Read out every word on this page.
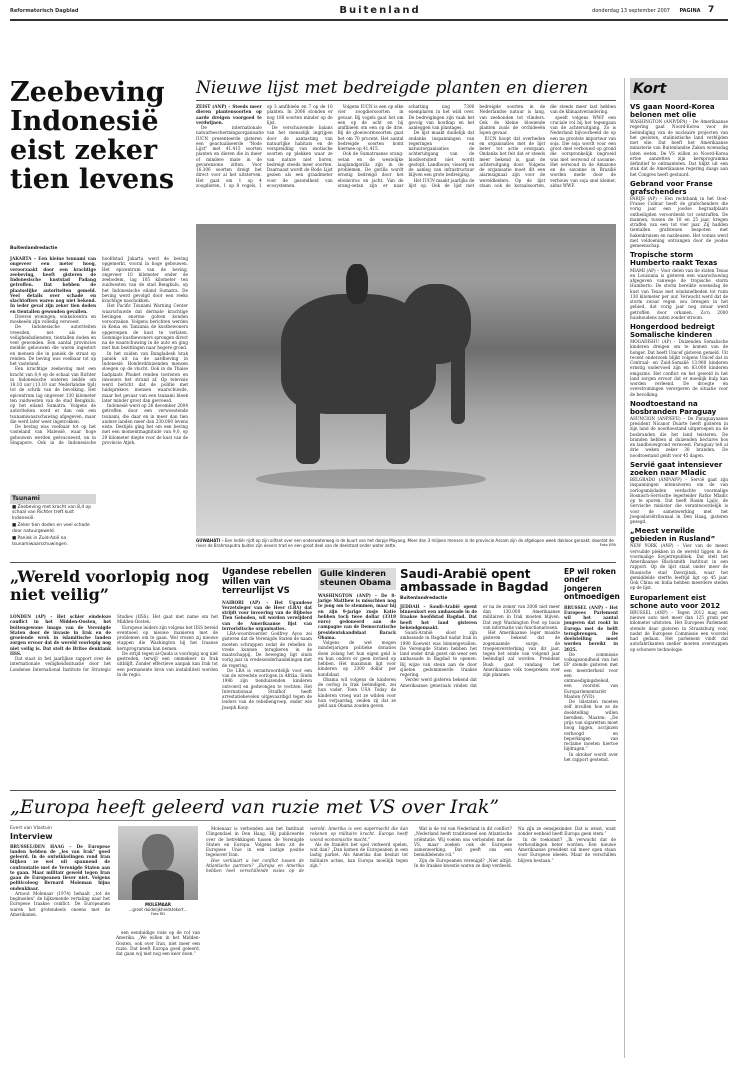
Reformatorisch Dagblad	Buitenland	donderdag 13 september 2007	PAGINA 7
Zeebeving Indonesië eist zeker tien levens
Buitenlandredactie

JAKARTA – Een kleine tsunami van ongeveer een meter hoog, veroorzaakt door een krachtige zeebeving, heeft gisteren de Indonesische kuststad Padang getroffen. Dat hebben de plaatselijke autoriteiten gemeld. Veel details over schade en slachtoffers waren nog niet bekend. In ieder geval zijn zeker tien doden en tientallen gewonden gevallen.

Diverse woningen, winkelcentra en moskeeën zijn volledig verwoest.

De Indonesische autoriteiten vreesden, net als de veiligheidsdiensten, tientallen doden en veel gewonden. Een aantal provincies meldde gebouwen die waren ingestort en mensen die in paniek de straat op renden. De beving was voelbaar tot op het vasteland.

Een krachtige zeebeving met een kracht van 8,4 op de schaal van Richter in Indonesische wateren leidde om 18.10 uur (13.10 uur Nederlandse tijd) tot de schrik van de bevolking. Het epicentrum lag ongeveer 130 kilometer ten zuidwesten van de stad Bengkulu, op het eiland Sumatra. Volgens de autoriteiten werd er dan ook een tsunamiwaarschuwing afgegeven, maar die werd later weer ingetrokken.

De beving was voelbaar tot op het vasteland van Maleisië, waar hoge gebouwen werden geëvacueerd, en in Singapore. Ook in de Indonesische hoofdstad Jakarta werd de beving opgemerkt, vooral in hoge gebouwen. Het epicentrum van de beving, ongeveer 10 kilometer onder de zeebodem, lag 105 kilometer ten zuidwesten van de stad Bengkulu, op het Indonesische eiland Sumatra. De beving werd gevolgd door een reeks krachtige naschokken.

Het Pacific Tsunami Warning Center waarschuwde dat dermate krachtige bevingen enorme golven konden veroorzaken. Volgens berichten werden in Kenia en Tanzania de kustbewoners opgeroepen de kust te verlaten. Sommige kustbewoners sprongen direct na de waarschuwing in de auto en ging met hun bezittingen naar hogere grond.

In het zuiden van Bangladesh brak paniek uit na de aardbeving in Indonesië. Honderdduizenden mensen sloegen op de vlucht. Ook in de Thaise badplaats Phuket renden toeristen en inwoners het strand af. Op televisie werd bericht dat de politie met luidsprekers mensen waarschuwde, maar het gevaar van een tsunami bleek later minder groot dan gevreesd.

Indonesië werd op 26 december 2004 getroffen door een verwoestende tsunami, die daar en in meer dan tien andere landen meer dan 230.000 levens eiste. Destijds ging het om een beving met een momentmagnitude van 9,0, op 29 kilometer diepte voor de kust van de provincie Atjeh.

Tsunami
■ Zeebeving met kracht van 8,4 op schaal van Richter treft kust Indonesië.
■ Zeker tien doden en veel schade door natuurgeweld.
■ Paniek in Zuid-Azië na tsunamiwaarschuwingen.
Nieuwe lijst met bedreigde planten en dieren

ZEIST (ANP) – Steeds meer dieren plantensoorten op aarde dreigen voorgoed te verdwijnen.

De internationale natuurbeschermingsorganisatie IUCN presenteerde gisteren een geactualiseerde "Rode Lijst" met 41.415 soorten planten en dieren die in meer of mindere mate in de gevarenzone zitten. Voor 16.306 soorten dreigt het direct voor al het uitsterven. Het gaat om 1 op 4 zoogdieren, 1 op 8 vogels, 1 op 3 amfibieën en 7 op de 10 planten. In 2006 stonden er nog 188 soorten minder op de lijst.

De verschuivende balans van het menselijk ingrijpen door de aantasting van natuurlijke habitats en de verspreiding van exotische soorten op plekken waar ze van nature niet horen, bedreigt steeds meer soorten. Daarnaast wordt de Rode Lijst gezien als een graadmeter voor de gezondheid van ecosystemen.

Volgens IUCN is een op elke vier zoogdiersoorten in gevaar. Bij vogels gaat het om een op de acht en bij amfibieën om een op de drie. Bij de gloeiwormsoorten gaat het om 70 procent. Het aantal bedreigde soorten komt hiermee op 41.415.

Ook de Sumatraanse orang-oetan en de westelijke laaglandgorilla zijn in de problemen. De gorilla wordt ernstig bedreigd door het ebolavirus en jacht. Van de orang-oetan zijn er naar schatting nog 7300 exemplaren in het wild over. De bedreigingen zijn vaak het gevolg van houtkap en het aanleggen van plantages.

De lijst maakt duidelijk dat ondanks inspanningen van regeringen en natuurorganisaties de achteruitgang van de biodiversiteit niet wordt gestopt. Landbouw, visserij en de aanleg van infrastructuur blijven een grote bedreiging.

Het IUCN maakt jaarlijks de lijst op. Ook de lijst met bedreigde soorten in de Nederlandse natuur is lang, van zeehonden tot vlinders. Ook de kleine bloeiende planten zoals de orchideeën lopen gevaar.

IUCN hoopt dat overheden en organisaties met de lijst beter tot actie overgaan. Ondanks het feit dat er steeds meer bekend is, gaat de achteruitgang door. Volgens de organisatie moet dit een alarmsignaal zijn voor de wereldleiders. Op de lijst staan ook de koraalsoorten, die steeds meer last hebben van de klimaatverandering.

speelt volgens WWF een cruciale rol bij het tegengaan van de achteruitgang. Zo is Nederland bijvoorbeeld de op een na grootste importeur van soja. Die soja wordt voor een groot deel verbouwd op grond die oorspronkelijk begroeid was met oerwoud of savanne. Het oerwoud in de Amazone en de savanne in Brazilië worden mede door de verbouw van soja snel kleiner, aldus WWF.

GUWAHATI – Een Indiër rijdt op zijn olifant over een onderwaterweg in de buurt van het dorpje Mayang. Meer dan 3 miljoen mensen in de provincie Assam zijn de afgelopen week dakloos geraakt, doordat de rivier de Brahmaputra buiten zijn oevers trad en een groot deel van de deelstaat onder water zette.	Foto EPA
Kort
VS gaan Noord-Korea belonen met olie
WASHINGTON (ANP/DPA) – De Amerikaanse regering gaat Noord-Korea voor de beëindiging van de nucleaire projecten van het gesloten, stalinistische land verblijden met olie. Dat heeft het Amerikaanse ministerie van Buitenlandse Zaken woensdag laten weten. De VS willen zo Noord-Korea ertoe aanzetten zijn kernprogramma definitief te ontmantelen. Dat blijkt uit een stuk dat de Amerikaanse regering daags aan het Congres heeft gestuurd.
Gebrand voor Franse grafschenders
PARIJS (AP) – Een rechtbank in het Oost-Franse Colmar heeft de grafschenders die vorig jaar een joodse begraafplaats ontheiligden veroordeeld tot celstraffen. De mannen, tussen de 18 en 25 jaar, kregen straffen van een tot vier jaar. Zij hadden tientallen grafstenen bespoten met hakenkruizen en nazileuzen. Het vonnis werd met voldoening ontvangen door de joodse gemeenschap.
Tropische storm Humberto raakt Texas
MIAMI (AP) – Voor delen van de staten Texas en Louisiana is gisteren een waarschuwing afgegeven vanwege de tropische storm Humberto. De storm bereikte woensdag de kust van Texas met windsnelheden tot ruim 130 kilometer per uur. Verwacht werd dat de storm zwaar regen zou brengen in het gebied, dat vorig jaar nog zwaar werd getroffen door orkanen. Zo'n 2000 huishoudens zaten zonder stroom.
Hongerdood bedreigt Somalische kinderen
MOGADISHU (AP) – Duizenden Somalische kinderen dreigen om te komen van de honger. Dat heeft Unicef gisteren gemeld. Uit recent onderzoek blijkt volgens Unicef dat in Centraal- en Zuid-Somalië 13.900 kinderen ernstig ondervoed zijn en 83.000 kinderen enigszins. Het conflict en het geweld in het land zorgen ervoor dat er moeilijk hulp kan worden verleend. De droogte en overstromingen verergeren de situatie voor de bevolking.
Noodtoestand na bosbranden Paraguay
ASUNCION (ANP/EFE) – De Paraguayaanse president Nicanor Duarte heeft gisteren in zijn land de noodtoestand uitgeroepen na de bosbranden die het land teisteren. De branden hebben al duizenden hectares bos en landbouwgrond verwoest. Paraguay telt al drie weken zeker 30 branden. De noodtoestand geldt voor 45 dagen.
Servië gaat intensiever zoeken naar Mladic
BELGRADO (ANP/AFP) – Servië gaat zijn inspanningen intensiveren om de van oorlogsmisdaden verdachte voormalige Bosnisch-Servische legerleider Ratko Mladic op te sporen. Dat heeft Rasim Ljajic, de Servische minister die verantwoordelijk is voor de samenwerking met het Joegoslaviëtribunaal in Den Haag, gisteren gezegd.
„Meest verwilde gebieden in Rusland”
NEW YORK (ANP) – Vier van de meest vervuilde plekken in de wereld liggen in de voormalige Sovjetrepubliek. Dat stelt het Amerikaanse Blacksmith Instituut in een rapport. Op de lijst staat onder meer de Russische stad Dzerzjinsk, waar het gemiddelde sterfte leeftijd ligt op 45 jaar. Ook China en India hebben meerdere steden op de lijst.
Europarlement eist schone auto voor 2012
BRUSSEL (ANP) – Tegen 2012 mag een nieuwe auto niet meer dan 125 gram per kilometer uitstoten. Het Europees Parlement stemde daar gisteren in Straatsburg voor, nadat de Europese Commissie een voorstel had gedaan. Het parlement vindt dat autofabrikanten sneller moeten overstappen op schonere technologie.
„Wereld voorlopig nog niet veilig”

LONDEN (AP) – Het schier eindeloze conflict in het Midden-Oosten, het buitengewone imago van de Verenigde Staten door de invasie in Irak en de groeiende wrok in islamitische landen zorgen ervoor dat de wereld voorlopig nog niet veilig is. Dat stelt de Britse denktank IISS.

Dat staat in het jaarlijkse rapport over de internationale veiligheidssituatie door het Londense International Institute for Strategic Studies (IISS). Het gaat met name om het Midden-Oosten.

Europese leiders zijn volgens het IISS bereid eventueel op nieuwe manieren met de problemen om te gaan. Wel vrezen zij nieuwe stappen die Washington bij het Iraanse kernprogramma kan nemen.

De strijd tegen al-Qaida is voorlopig nog niet gestreden, terwijl een ommekeer in Irak uitblijft. Zonder effectieve aanpak kan Irak tot een permanente bron van instabiliteit worden in de regio.

Ugandese rebellen willen van terreurlijst VS

NAIROBI (AP) – Het Ugandese Verzetsleger van de Heer (LRA) dat strijdt voor invoering van de Bijbelse Tien Geboden, wil worden verwijderd van de Amerikaanse lijst van terroristische organisaties.

LRA-woordvoerder Godfrey Ayoo zei gisteren dat de Verenigde Staten de naam moeten schrappen zodat de rebellen in vrede kunnen terugkeren in de maatschappij. De beweging ligt sinds vorig jaar in vredesonderhandelingen met de regering.

De LRA is verantwoordelijk voor een van de wreedste oorlogen in Afrika. Sinds 1986 zijn tienduizenden kinderen ontvoerd en gedwongen te vechten. Het Internationaal Strafhof heeft arrestatiebevelen uitgevaardigd tegen de leiders van de rebellengroep, onder wie Joseph Kony.

Gulle kinderen steunen Obama

WASHINGTON (ANP) – De 8-jarige Matthew is misschien nog te jong om te stemmen, maar hij en zijn 9-jarige zusje Katie hebben toch twee dollar (3318 euro) gedoneerd aan de campagne van de Democratische presidentskandidaat Barack Obama.

Volgens de wet mogen minderjarigen politieke donaties doen zolang het hun eigen geld is en hun ouders er geen invloed op hebben. Het maximum ligt voor kinderen op 2300 dollar per kandidaat.

Obama wil volgens de kinderen de oorlog in Irak beëindigen, zei hun vader. Toen USA Today de kinderen vroeg wat ze wilden voor hun verjaardag, zeiden zij dat ze geld aan Obama zouden geven.

Saudi-Arabië opent ambassade in Bagdad
Buitenlandredactie

JEDDAH – Saudi-Arabië opent binnenkort een ambassade in de Iraakse hoofdstad Bagdad. Dat heeft het land gisteren bekendgemaakt.

Saudi-Arabië sloot zijn ambassade in Bagdad nadat Irak in 1990 Koeweit was binnengevallen. De Verenigde Staten hebben het land onder druk gezet om weer een ambassade in Bagdad te openen. Bij wijze van steun aan de door sjiieten gedomineerde Iraakse regering.

Verder werd gisteren bekend dat Amerikaanse generaals vinden dat er na de zomer van 2008 niet meer dan 130.000 Amerikaanse militairen in Irak moeten blijven. Dat zegt Washington Post op basis van informatie van functionarissen.

Het Amerikaanse leger maakte gisteren bekend dat de zogenaamde surge, de troepenversterking van dit jaar, tegen het einde van volgend jaar beëindigd zal worden. President Bush gaat vandaag het Amerikaanse volk toespreken over zijn plannen.

EP wil roken onder jongeren ontmoedigen

BRUSSEL (ANP) – Het Europees Parlement wil het aantal jongeren dat rookt in Europa met de helft terugbrengen. De doelstelling moet worden bereikt in 2025.

De commissie volksgezondheid van het EP stemde gisteren met een meerderheid voor een ontmoedigingsbeleid, een voorstel van Europarlementariër Maaten (VVD).

De lidstaten moeten zelf invullen hoe ze de doelstelling willen bereiken. Maaten: „De prijs van sigaretten moet hoog liggen, accijnzen verhoogd en beperkingen van reclame moeten hiertoe bijdragen.”

In oktober wordt over het rapport gestemd.

„Europa heeft geleerd van ruzie met VS over Irak”
Evert van Vlastuin
Interview

BRUSSEL/DEN HAAG – De Europese landen hebben de „les van Irak” goed geleerd. In de ontwikkelingen rond Iran blijken ze wel uit spannend de confrontatie met de Verenigde Staten aan te gaan. Maar militair geweld tegen Iran gaan de Europeanen liever niet. Volgens politicoloog Bernard Moleman bijna ondenkbaar.

Arnout Molenaar (1974) behaalt „tot de beginselen” de bijkomende vertaling naar het Europese Iraakse conflict. De Europeanen waren het grotendeels oneens met de Amerikanen.

MOLEMAAR
...groot duidelijkheidstekort...
Foto RD

een eenduidige visie op de rol van Amerika. „We willen in het Midden-Oosten, ook over Iran, niet meer een ruzie. Dat heeft Europa goed geleerd, dat gaan wij niet nog een keer doen.”

Molenaar is verbonden aan het Instituut Clingendael in Den Haag. Hij publiceerde over de betrekkingen tussen de Verenigde Staten en Europa. Volgens hem zit de Europese Unie in een lastige positie tegenover Iran.

Hoe verklaart u het conflict tussen de Atlantische partners? „Europa en Amerika hebben heel verschillende visies op de wereld. Amerika is een supermacht die kan rekenen op militaire kracht. Europa heeft vooral economische macht.”

Als de Iraniërs het spel verkeerd spelen, wat dan? „Dan komen de Europeanen in een lastig parket. Als Amerika dan besluit tot militaire acties, kan Europa moeilijk tegen zijn.”

Wat is de rol van Nederland in dit conflict? „Nederland heeft traditioneel een Atlantische oriëntatie. Wij voelen ons verbonden met de VS, maar zoeken ook de Europese samenwerking. Dat geeft ons een bemiddelende rol.”

Zijn de Europeanen verenigd? „Niet altijd. In de Iraakse kwestie waren ze diep verdeeld. Nu zijn ze eensgezinder. Dat is winst, want zonder eenheid heeft Europa geen stem.”

In de toekomst? „Ik verwacht dat de verhoudingen beter worden. Een nieuwe Amerikaanse president zal meer open staan voor Europese ideeën. Maar de verschillen blijven bestaan.”
